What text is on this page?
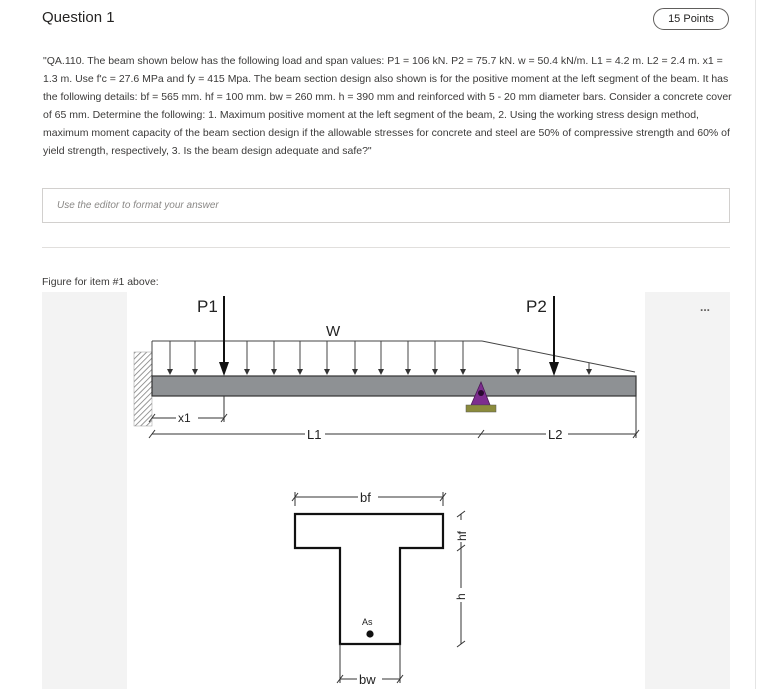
Question 1	15 Points
"QA.110. The beam shown below has the following load and span values: P1 = 106 kN. P2 = 75.7 kN. w = 50.4 kN/m. L1 = 4.2 m. L2 = 2.4 m. x1 = 1.3 m. Use f'c = 27.6 MPa and fy = 415 Mpa. The beam section design also shown is for the positive moment at the left segment of the beam. It has the following details: bf = 565 mm. hf = 100 mm. bw = 260 mm. h = 390 mm and reinforced with 5 - 20 mm diameter bars. Consider a concrete cover of 65 mm. Determine the following: 1. Maximum positive moment at the left segment of the beam, 2. Using the working stress design method, maximum moment capacity of the beam section design if the allowable stresses for concrete and steel are 50% of compressive strength and 60% of yield strength, respectively, 3. Is the beam design adequate and safe?"
Use the editor to format your answer
Figure for item #1 above:
...
P1	P2
W
x1
L1	L2
bf
hf
h
As
bw
